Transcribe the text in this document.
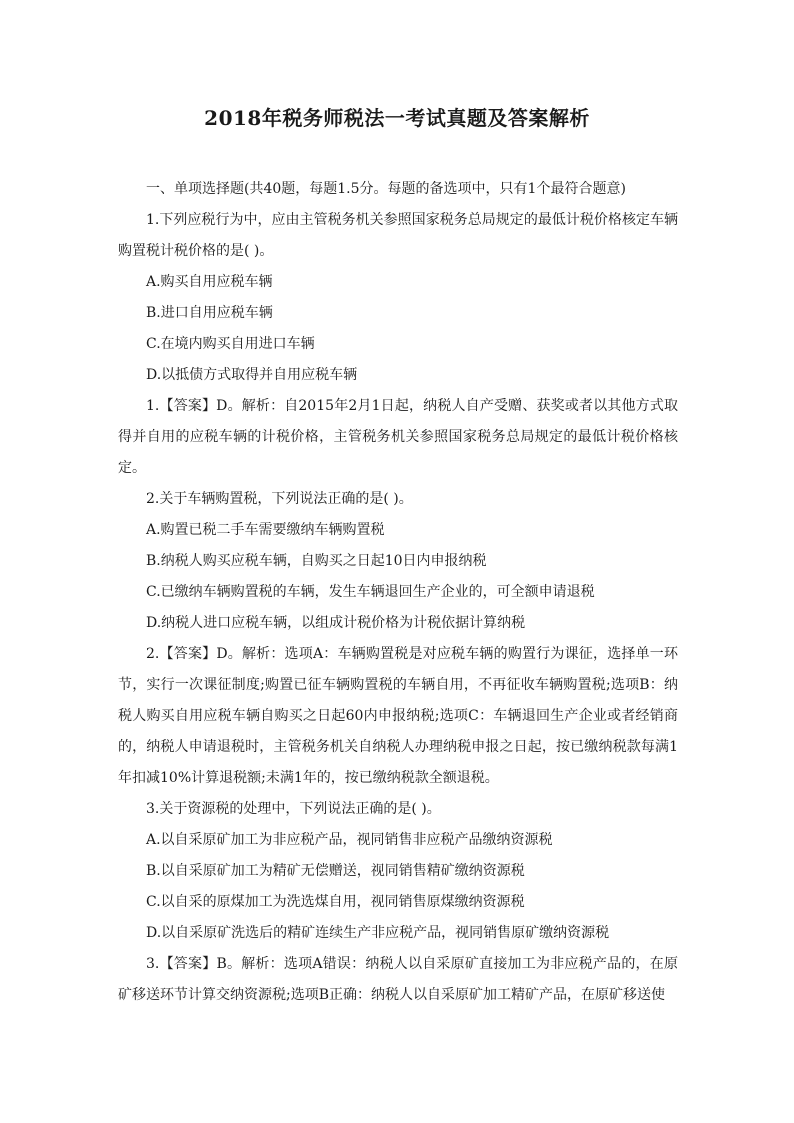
2018年税务师税法一考试真题及答案解析

一、单项选择题(共40题，每题1.5分。每题的备选项中，只有1个最符合题意)

1.下列应税行为中，应由主管税务机关参照国家税务总局规定的最低计税价格核定车辆购置税计税价格的是( )。

A.购买自用应税车辆

B.进口自用应税车辆

C.在境内购买自用进口车辆

D.以抵债方式取得并自用应税车辆

1.【答案】D。解析：自2015年2月1日起，纳税人自产受赠、获奖或者以其他方式取得并自用的应税车辆的计税价格，主管税务机关参照国家税务总局规定的最低计税价格核定。

2.关于车辆购置税，下列说法正确的是( )。

A.购置已税二手车需要缴纳车辆购置税

B.纳税人购买应税车辆，自购买之日起10日内申报纳税

C.已缴纳车辆购置税的车辆，发生车辆退回生产企业的，可全额申请退税

D.纳税人进口应税车辆，以组成计税价格为计税依据计算纳税

2.【答案】D。解析：选项A：车辆购置税是对应税车辆的购置行为课征，选择单一环节，实行一次课征制度;购置已征车辆购置税的车辆自用，不再征收车辆购置税;选项B：纳税人购买自用应税车辆自购买之日起60内申报纳税;选项C：车辆退回生产企业或者经销商的，纳税人申请退税时，主管税务机关自纳税人办理纳税申报之日起，按已缴纳税款每满1年扣减10%计算退税额;未满1年的，按已缴纳税款全额退税。

3.关于资源税的处理中，下列说法正确的是( )。

A.以自采原矿加工为非应税产品，视同销售非应税产品缴纳资源税

B.以自采原矿加工为精矿无偿赠送，视同销售精矿缴纳资源税

C.以自采的原煤加工为洗选煤自用，视同销售原煤缴纳资源税

D.以自采原矿洗选后的精矿连续生产非应税产品，视同销售原矿缴纳资源税

3.【答案】B。解析：选项A错误：纳税人以自采原矿直接加工为非应税产品的，在原矿移送环节计算交纳资源税;选项B正确：纳税人以自采原矿加工精矿产品，在原矿移送使
